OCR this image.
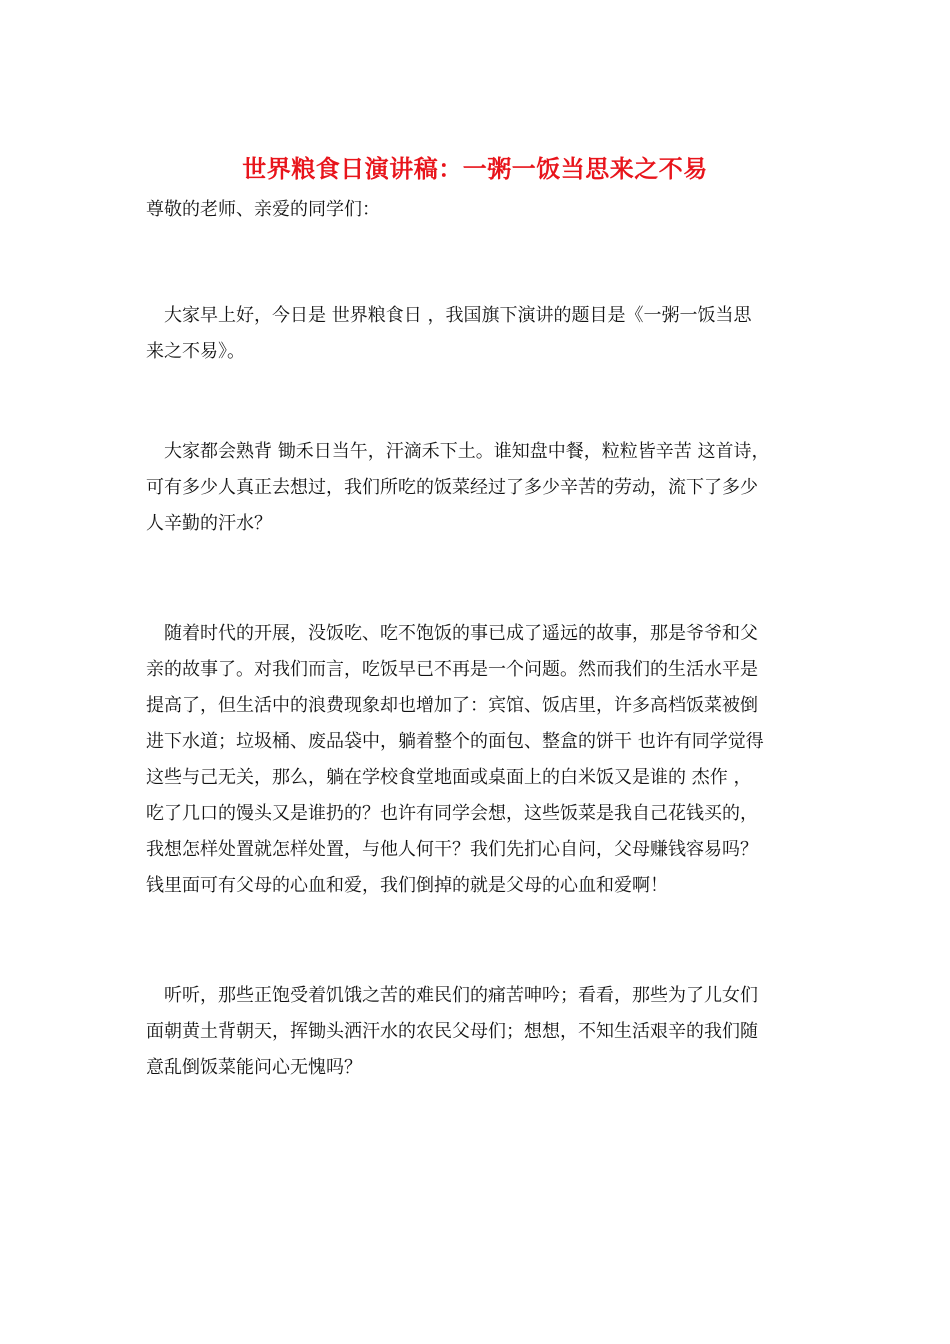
世界粮食日演讲稿：一粥一饭当思来之不易
尊敬的老师、亲爱的同学们：
　大家早上好，今日是 世界粮食日 ，我国旗下演讲的题目是《一粥一饭当思
来之不易》。
　大家都会熟背 锄禾日当午，汗滴禾下土。谁知盘中餐，粒粒皆辛苦 这首诗，
可有多少人真正去想过，我们所吃的饭菜经过了多少辛苦的劳动，流下了多少
人辛勤的汗水？
　随着时代的开展，没饭吃、吃不饱饭的事已成了遥远的故事，那是爷爷和父
亲的故事了。对我们而言，吃饭早已不再是一个问题。然而我们的生活水平是
提高了，但生活中的浪费现象却也增加了：宾馆、饭店里，许多高档饭菜被倒
进下水道；垃圾桶、废品袋中，躺着整个的面包、整盒的饼干 也许有同学觉得
这些与己无关，那么，躺在学校食堂地面或桌面上的白米饭又是谁的 杰作 ，
吃了几口的馒头又是谁扔的？也许有同学会想，这些饭菜是我自己花钱买的，
我想怎样处置就怎样处置，与他人何干？我们先扪心自问，父母赚钱容易吗？
钱里面可有父母的心血和爱，我们倒掉的就是父母的心血和爱啊！
　听听，那些正饱受着饥饿之苦的难民们的痛苦呻吟；看看，那些为了儿女们
面朝黄土背朝天，挥锄头洒汗水的农民父母们；想想，不知生活艰辛的我们随
意乱倒饭菜能问心无愧吗？
